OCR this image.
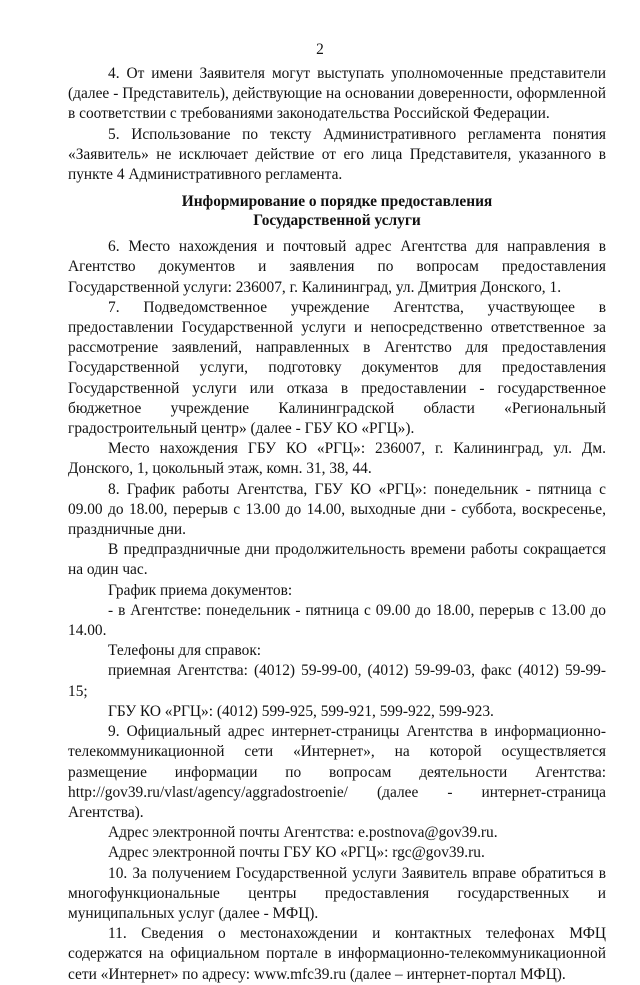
2

4. От имени Заявителя могут выступать уполномоченные представители (далее - Представитель), действующие на основании доверенности, оформленной в соответствии с требованиями законодательства Российской Федерации.

5. Использование по тексту Административного регламента понятия «Заявитель» не исключает действие от его лица Представителя, указанного в пункте 4 Административного регламента.

Информирование о порядке предоставления
Государственной услуги

6. Место нахождения и почтовый адрес Агентства для направления в Агентство документов и заявления по вопросам предоставления Государственной услуги: 236007, г. Калининград, ул. Дмитрия Донского, 1.

7. Подведомственное учреждение Агентства, участвующее в предоставлении Государственной услуги и непосредственно ответственное за рассмотрение заявлений, направленных в Агентство для предоставления Государственной услуги, подготовку документов для предоставления Государственной услуги или отказа в предоставлении - государственное бюджетное учреждение Калининградской области «Региональный градостроительный центр» (далее - ГБУ КО «РГЦ»).

Место нахождения ГБУ КО «РГЦ»: 236007, г. Калининград, ул. Дм. Донского, 1, цокольный этаж, комн. 31, 38, 44.

8. График работы Агентства, ГБУ КО «РГЦ»: понедельник - пятница с 09.00 до 18.00, перерыв с 13.00 до 14.00, выходные дни - суббота, воскресенье, праздничные дни.

В предпраздничные дни продолжительность времени работы сокращается на один час.

График приема документов:

- в Агентстве: понедельник - пятница с 09.00 до 18.00, перерыв с 13.00 до 14.00.

Телефоны для справок:

приемная Агентства: (4012) 59-99-00, (4012) 59-99-03, факс (4012) 59-99-15;

ГБУ КО «РГЦ»: (4012) 599-925, 599-921, 599-922, 599-923.

9. Официальный адрес интернет-страницы Агентства в информационно-телекоммуникационной сети «Интернет», на которой осуществляется размещение информации по вопросам деятельности Агентства: http://gov39.ru/vlast/agency/aggradostroenie/ (далее - интернет-страница Агентства).

Адрес электронной почты Агентства: e.postnova@gov39.ru.

Адрес электронной почты ГБУ КО «РГЦ»: rgc@gov39.ru.

10. За получением Государственной услуги Заявитель вправе обратиться в многофункциональные центры предоставления государственных и муниципальных услуг (далее - МФЦ).

11. Сведения о местонахождении и контактных телефонах МФЦ содержатся на официальном портале в информационно-телекоммуникационной сети «Интернет» по адресу: www.mfc39.ru (далее – интернет-портал МФЦ).
